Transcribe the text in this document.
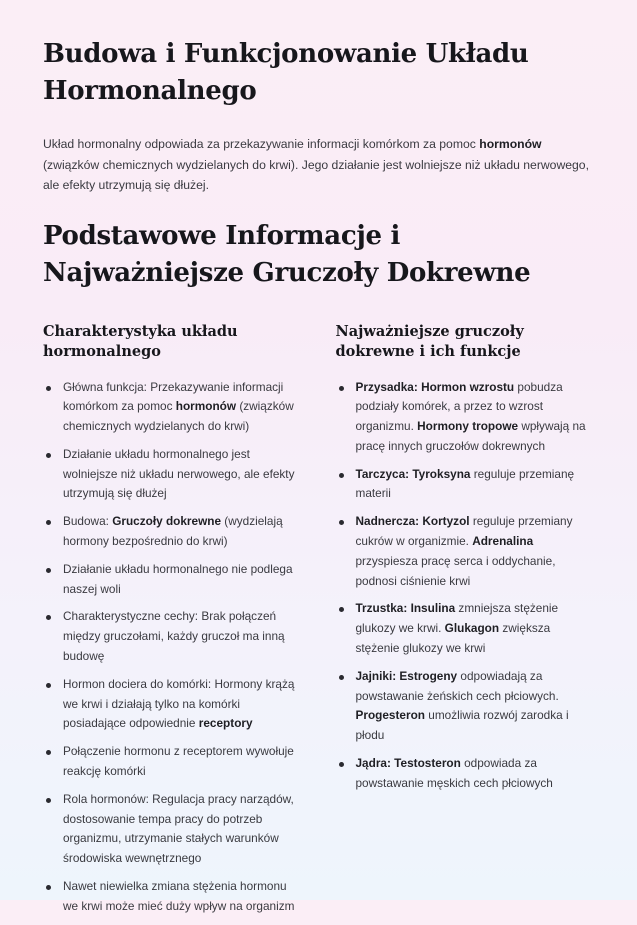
Budowa i Funkcjonowanie Układu Hormonalnego

Układ hormonalny odpowiada za przekazywanie informacji komórkom za pomoc hormonów (związków chemicznych wydzielanych do krwi). Jego działanie jest wolniejsze niż układu nerwowego, ale efekty utrzymują się dłużej.

Podstawowe Informacje i Najważniejsze Gruczoły Dokrewne
Charakterystyka układu hormonalnego
Główna funkcja: Przekazywanie informacji komórkom za pomoc hormonów (związków chemicznych wydzielanych do krwi)
Działanie układu hormonalnego jest wolniejsze niż układu nerwowego, ale efekty utrzymują się dłużej
Budowa: Gruczoły dokrewne (wydzielają hormony bezpośrednio do krwi)
Działanie układu hormonalnego nie podlega naszej woli
Charakterystyczne cechy: Brak połączeń między gruczołami, każdy gruczoł ma inną budowę
Hormon dociera do komórki: Hormony krążą we krwi i działają tylko na komórki posiadające odpowiednie receptory
Połączenie hormonu z receptorem wywołuje reakcję komórki
Rola hormonów: Regulacja pracy narządów, dostosowanie tempa pracy do potrzeb organizmu, utrzymanie stałych warunków środowiska wewnętrznego
Nawet niewielka zmiana stężenia hormonu we krwi może mieć duży wpływ na organizm
Najważniejsze gruczoły dokrewne i ich funkcje
Przysadka: Hormon wzrostu pobudza podziały komórek, a przez to wzrost organizmu. Hormony tropowe wpływają na pracę innych gruczołów dokrewnych
Tarczyca: Tyroksyna reguluje przemianę materii
Nadnercza: Kortyzol reguluje przemiany cukrów w organizmie. Adrenalina przyspiesza pracę serca i oddychanie, podnosi ciśnienie krwi
Trzustka: Insulina zmniejsza stężenie glukozy we krwi. Glukagon zwiększa stężenie glukozy we krwi
Jajniki: Estrogeny odpowiadają za powstawanie żeńskich cech płciowych. Progesteron umożliwia rozwój zarodka i płodu
Jądra: Testosteron odpowiada za powstawanie męskich cech płciowych
